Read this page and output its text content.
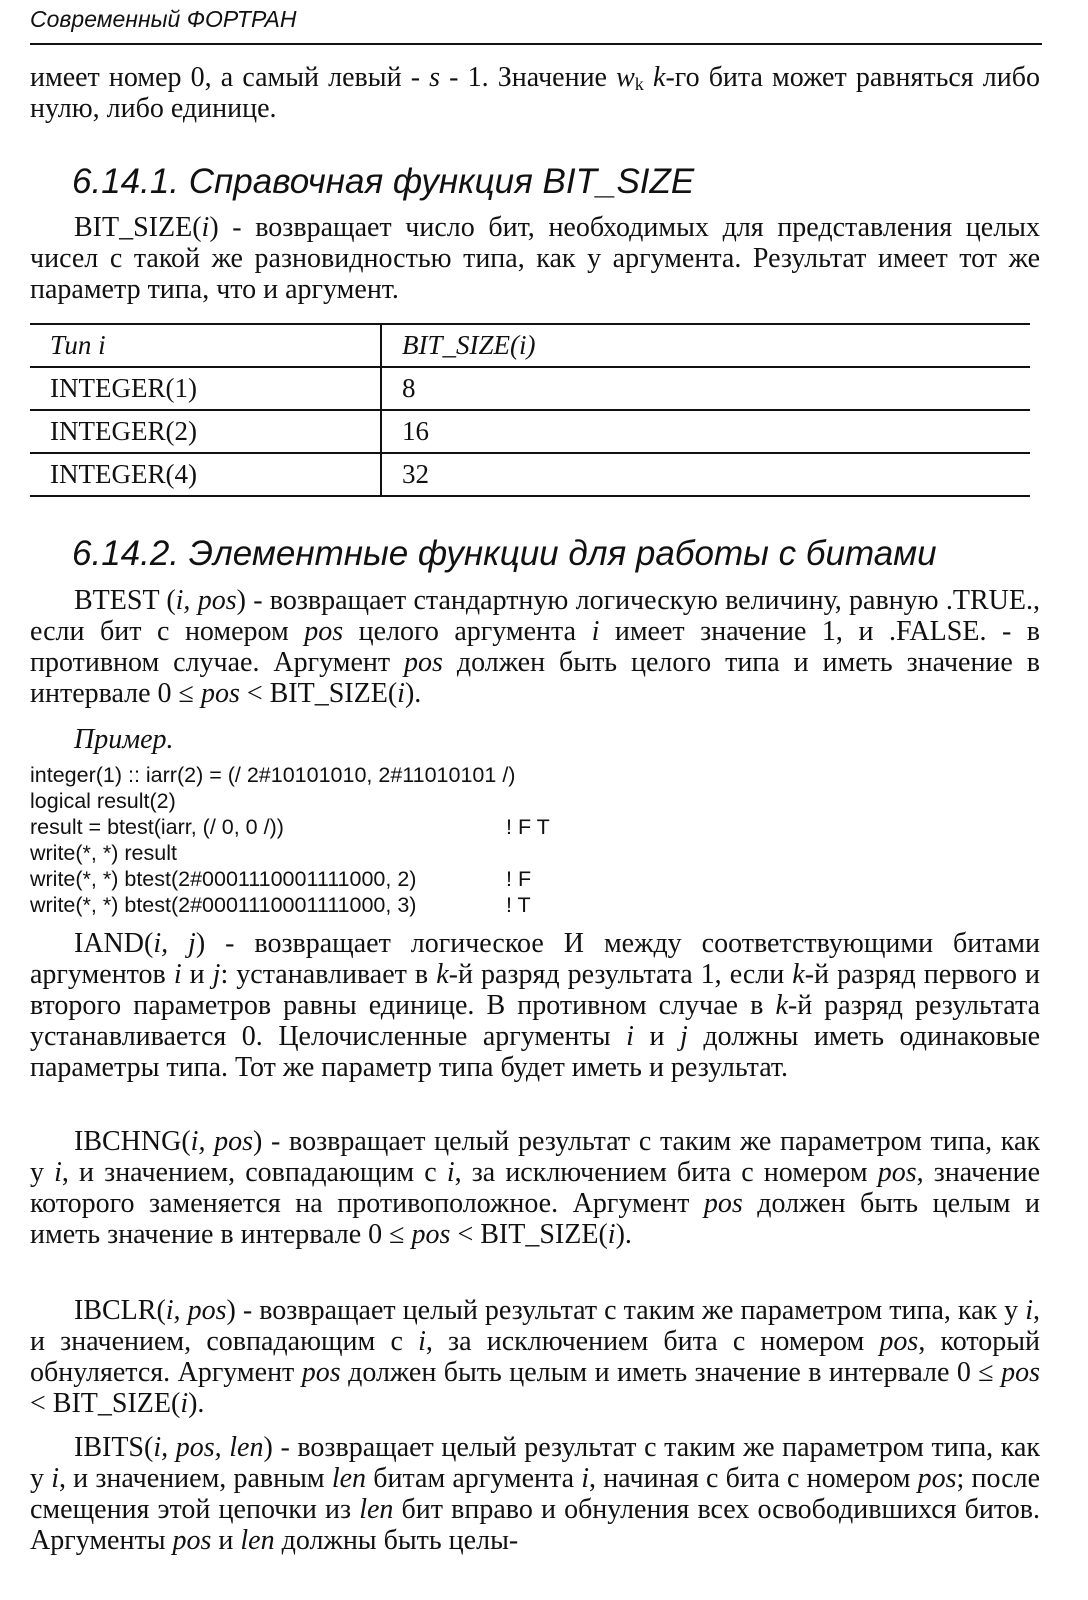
Современный ФОРТРАН

имеет номер 0, а самый левый - s - 1. Значение $w_k$ k-го бита может равняться либо нулю, либо единице.

6.14.1. Справочная функция BIT_SIZE

BIT_SIZE(i) - возвращает число бит, необходимых для представления целых чисел с такой же разновидностью типа, как у аргумента. Результат имеет тот же параметр типа, что и аргумент.

Тип i	BIT_SIZE(i)
INTEGER(1)	8
INTEGER(2)	16
INTEGER(4)	32
6.14.2. Элементные функции для работы с битами

BTEST (i, pos) - возвращает стандартную логическую величину, равную .TRUE., если бит с номером pos целого аргумента i имеет значение 1, и .FALSE. - в противном случае. Аргумент pos должен быть целого типа и иметь значение в интервале 0 ≤ pos < BIT_SIZE(i).

Пример.

integer(1) :: iarr(2) = (/ 2#10101010, 2#11010101 /)
logical result(2)
result = btest(iarr, (/ 0, 0 /))	! F T
write(*, *) result
write(*, *) btest(2#0001110001111000, 2)	! F
write(*, *) btest(2#0001110001111000, 3)	! T

IAND(i, j) - возвращает логическое И между соответствующими битами аргументов i и j: устанавливает в k-й разряд результата 1, если k-й разряд первого и второго параметров равны единице. В противном случае в k-й разряд результата устанавливается 0. Целочисленные аргументы i и j должны иметь одинаковые параметры типа. Тот же параметр типа будет иметь и результат.

IBCHNG(i, pos) - возвращает целый результат с таким же параметром типа, как у i, и значением, совпадающим с i, за исключением бита с номером pos, значение которого заменяется на противоположное. Аргумент pos должен быть целым и иметь значение в интервале 0 ≤ pos < BIT_SIZE(i).

IBCLR(i, pos) - возвращает целый результат с таким же параметром типа, как у i, и значением, совпадающим с i, за исключением бита с номером pos, который обнуляется. Аргумент pos должен быть целым и иметь значение в интервале 0 ≤ pos < BIT_SIZE(i).

IBITS(i, pos, len) - возвращает целый результат с таким же параметром типа, как у i, и значением, равным len битам аргумента i, начиная с бита с номером pos; после смещения этой цепочки из len бит вправо и обнуления всех освободившихся битов. Аргументы pos и len должны быть целы-
